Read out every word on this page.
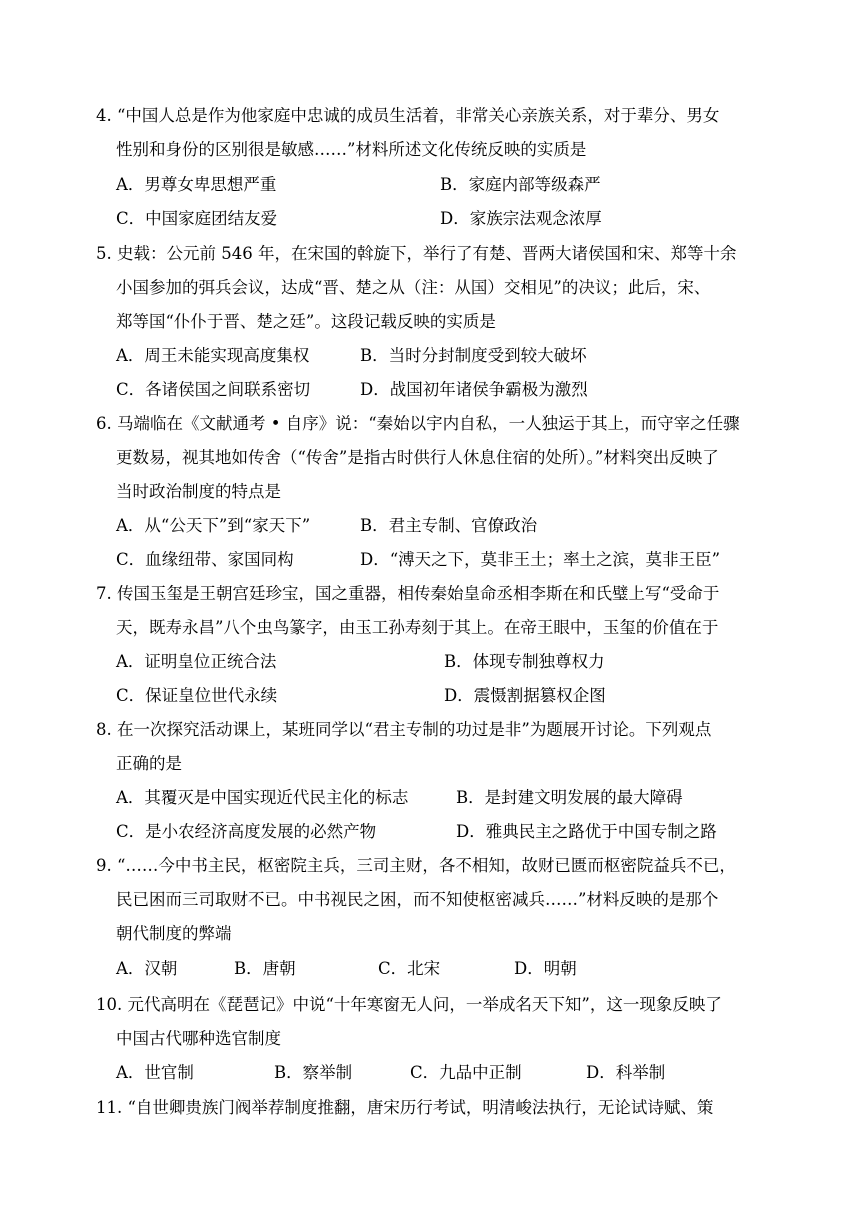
4. “中国人总是作为他家庭中忠诚的成员生活着，非常关心亲族关系，对于辈分、男女
性别和身份的区别很是敏感……”材料所述文化传统反映的实质是
A．男尊女卑思想严重	B．家庭内部等级森严
C．中国家庭团结友爱	D．家族宗法观念浓厚
5. 史载：公元前 546 年，在宋国的斡旋下，举行了有楚、晋两大诸侯国和宋、郑等十余
小国参加的弭兵会议，达成“晋、楚之从（注：从国）交相见”的决议；此后，宋、
郑等国“仆仆于晋、楚之廷”。这段记载反映的实质是
A．周王未能实现高度集权	B．当时分封制度受到较大破坏
C．各诸侯国之间联系密切	D．战国初年诸侯争霸极为激烈
6. 马端临在《文献通考 • 自序》说：“秦始以宇内自私，一人独运于其上，而守宰之任骤
更数易，视其地如传舍（“传舍”是指古时供行人休息住宿的处所）。”材料突出反映了
当时政治制度的特点是
A．从“公天下”到“家天下”	B．君主专制、官僚政治
C．血缘纽带、家国同构	D．“溥天之下，莫非王土；率土之滨，莫非王臣”
7. 传国玉玺是王朝宫廷珍宝，国之重器，相传秦始皇命丞相李斯在和氏璧上写“受命于
天，既寿永昌”八个虫鸟篆字，由玉工孙寿刻于其上。在帝王眼中，玉玺的价值在于
A．证明皇位正统合法	B．体现专制独尊权力
C．保证皇位世代永续	D．震慑割据篡权企图
8. 在一次探究活动课上，某班同学以“君主专制的功过是非”为题展开讨论。下列观点
正确的是
A．其覆灭是中国实现近代民主化的标志	B．是封建文明发展的最大障碍
C．是小农经济高度发展的必然产物	D．雅典民主之路优于中国专制之路
9. “……今中书主民，枢密院主兵，三司主财，各不相知，故财已匮而枢密院益兵不已，
民已困而三司取财不已。中书视民之困，而不知使枢密减兵……”材料反映的是那个
朝代制度的弊端
A．汉朝	B．唐朝	C．北宋	D．明朝
10. 元代高明在《琵琶记》中说“十年寒窗无人问，一举成名天下知”，这一现象反映了
中国古代哪种选官制度
A．世官制	B．察举制	C．九品中正制	D．科举制
11. “自世卿贵族门阀举荐制度推翻，唐宋历行考试，明清峻法执行，无论试诗赋、策
